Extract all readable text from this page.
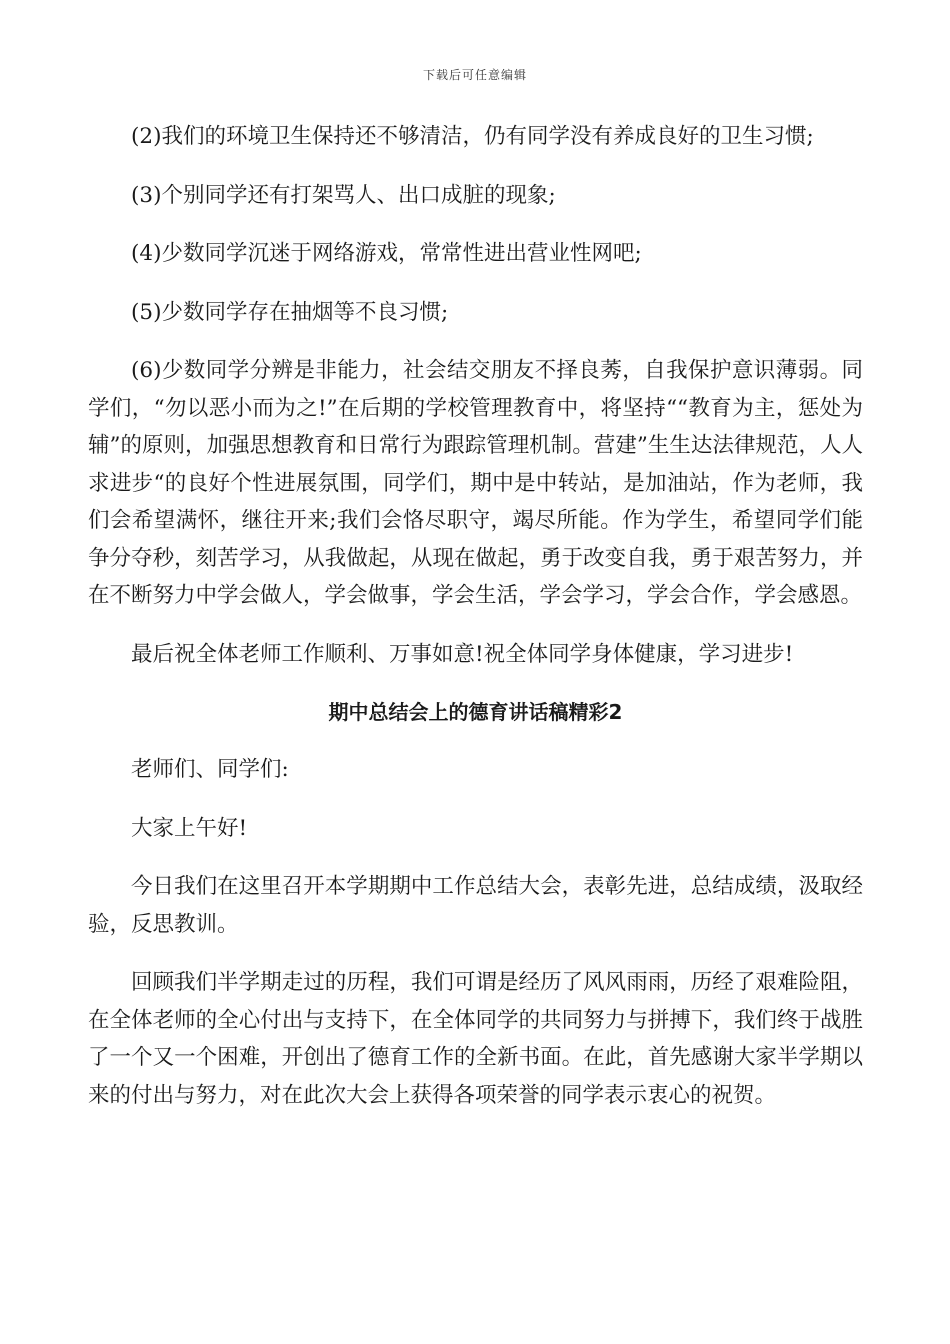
下载后可任意编辑

(2)我们的环境卫生保持还不够清洁，仍有同学没有养成良好的卫生习惯;

(3)个别同学还有打架骂人、出口成脏的现象;

(4)少数同学沉迷于网络游戏，常常性进出营业性网吧;

(5)少数同学存在抽烟等不良习惯;

(6)少数同学分辨是非能力，社会结交朋友不择良莠，自我保护意识薄弱。同学们，“勿以恶小而为之!”在后期的学校管理教育中，将坚持““教育为主，惩处为辅”的原则，加强思想教育和日常行为跟踪管理机制。营建”生生达法律规范，人人求进步“的良好个性进展氛围，同学们，期中是中转站，是加油站，作为老师，我们会希望满怀，继往开来;我们会恪尽职守，竭尽所能。作为学生，希望同学们能争分夺秒，刻苦学习，从我做起，从现在做起，勇于改变自我，勇于艰苦努力，并在不断努力中学会做人，学会做事，学会生活，学会学习，学会合作，学会感恩。

最后祝全体老师工作顺利、万事如意!祝全体同学身体健康，学习进步!

期中总结会上的德育讲话稿精彩2

老师们、同学们:

大家上午好!

今日我们在这里召开本学期期中工作总结大会，表彰先进，总结成绩，汲取经验，反思教训。

回顾我们半学期走过的历程，我们可谓是经历了风风雨雨，历经了艰难险阻，在全体老师的全心付出与支持下，在全体同学的共同努力与拼搏下，我们终于战胜了一个又一个困难，开创出了德育工作的全新书面。在此，首先感谢大家半学期以来的付出与努力，对在此次大会上获得各项荣誉的同学表示衷心的祝贺。
